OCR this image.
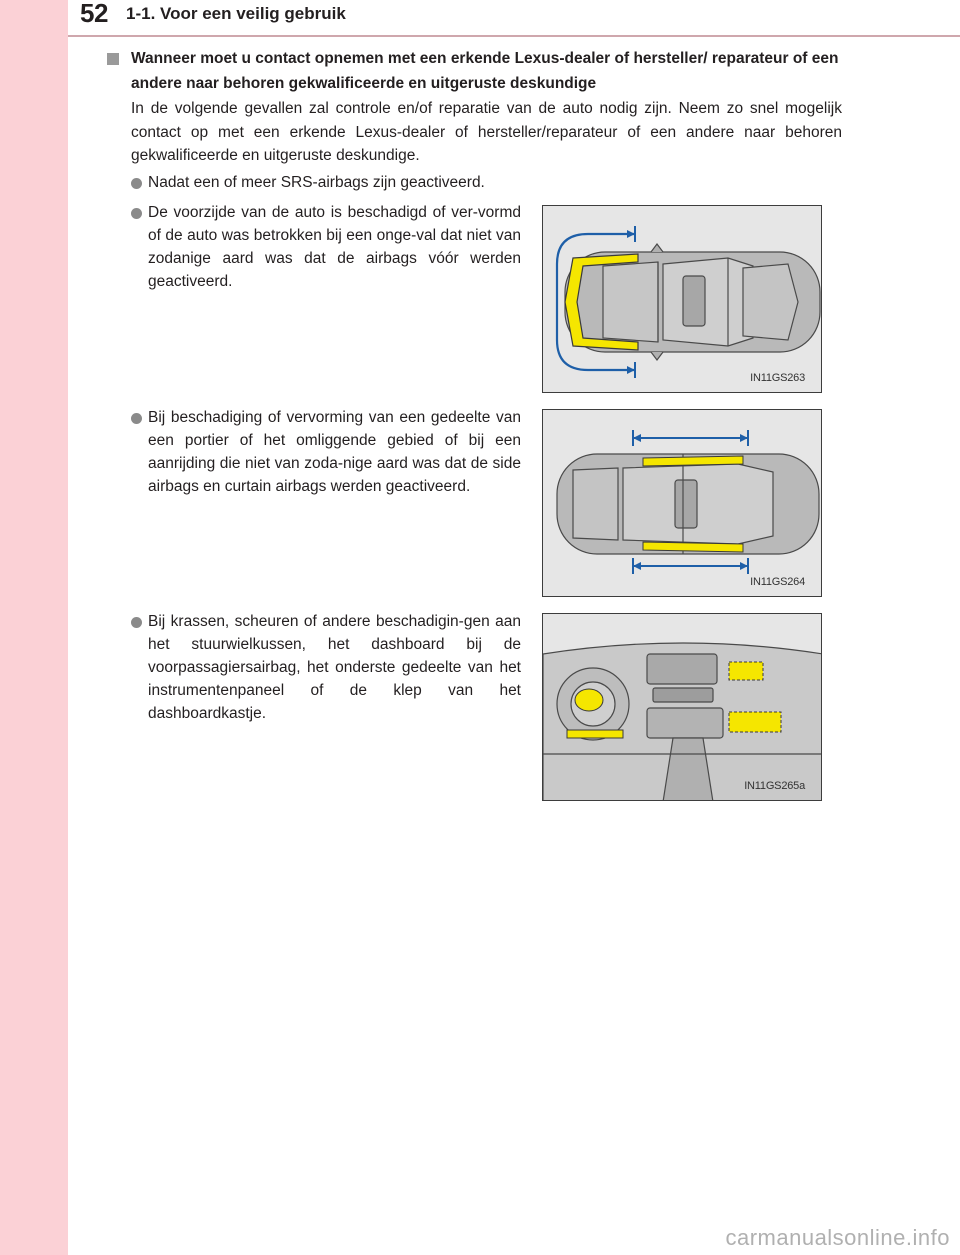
52 1-1. Voor een veilig gebruik
Wanneer moet u contact opnemen met een erkende Lexus-dealer of hersteller/ reparateur of een andere naar behoren gekwalificeerde en uitgeruste deskundige
In de volgende gevallen zal controle en/of reparatie van de auto nodig zijn. Neem zo snel mogelijk contact op met een erkende Lexus-dealer of hersteller/reparateur of een andere naar behoren gekwalificeerde en uitgeruste deskundige.
Nadat een of meer SRS-airbags zijn geactiveerd.
De voorzijde van de auto is beschadigd of ver-vormd of de auto was betrokken bij een onge-val dat niet van zodanige aard was dat de airbags vóór werden geactiveerd.
Bij beschadiging of vervorming van een gedeelte van een portier of het omliggende gebied of bij een aanrijding die niet van zoda-nige aard was dat de side airbags en curtain airbags werden geactiveerd.
Bij krassen, scheuren of andere beschadigin-gen aan het stuurwielkussen, het dashboard bij de voorpassagiersairbag, het onderste gedeelte van het instrumentenpaneel of de klep van het dashboardkastje.
IN11GS263
IN11GS264
IN11GS265a
carmanualsonline.info
